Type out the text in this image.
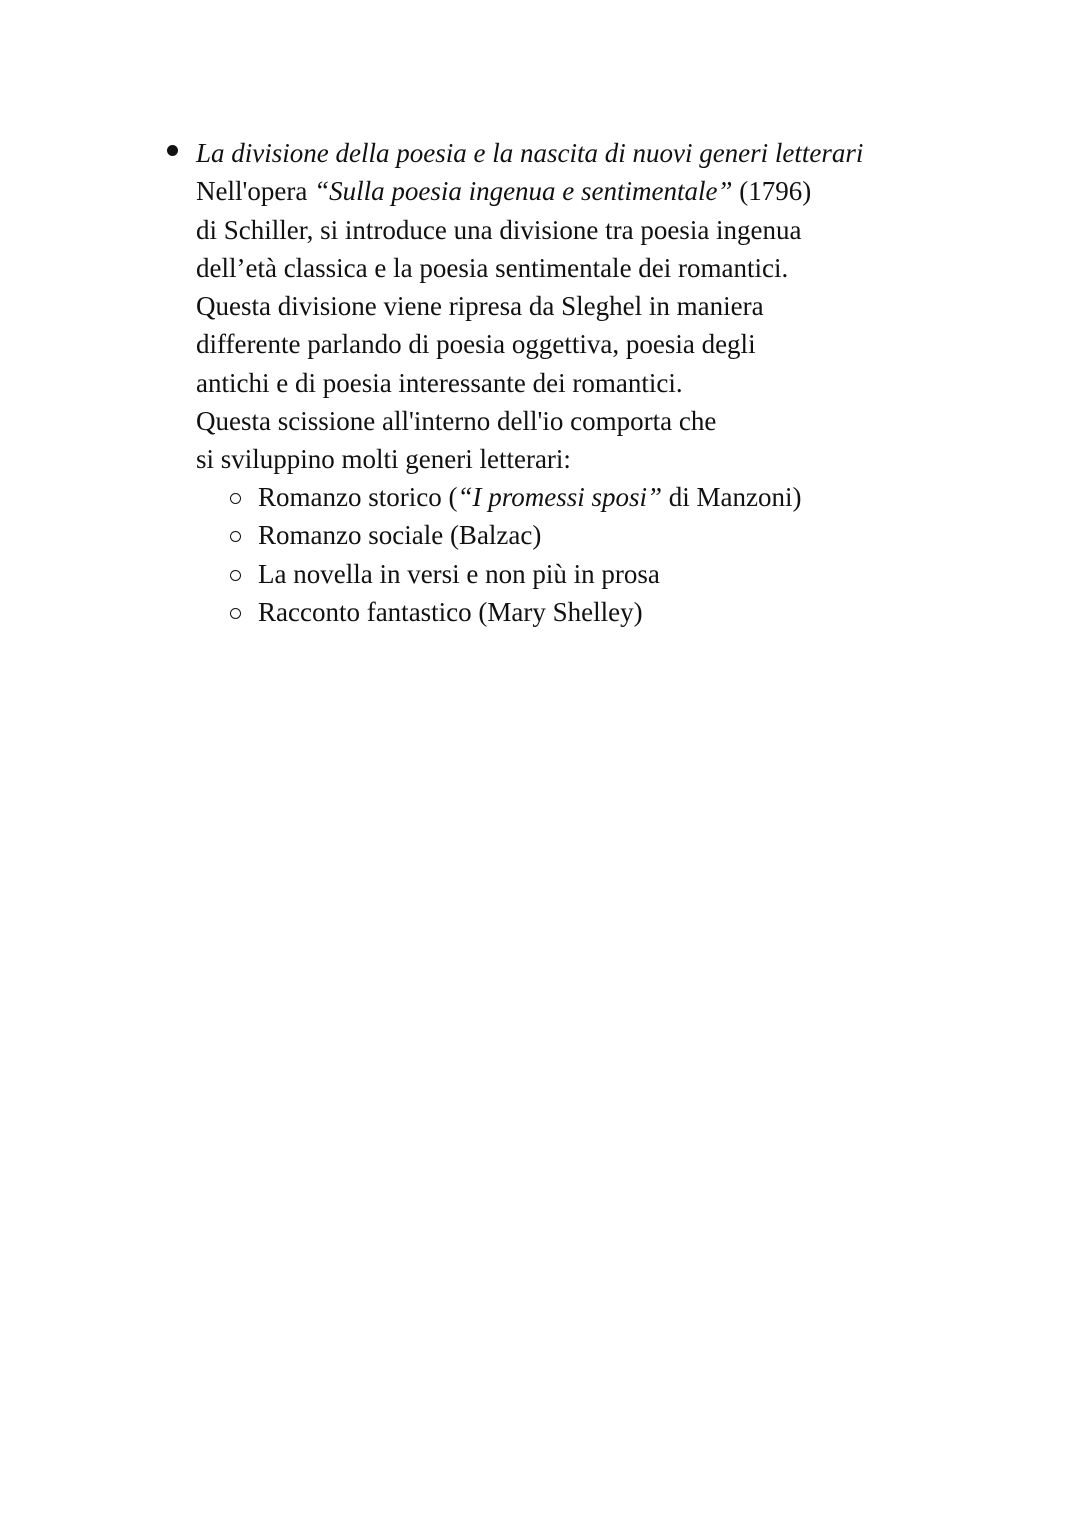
La divisione della poesia e la nascita di nuovi generi letterari
Nell'opera “Sulla poesia ingenua e sentimentale” (1796)
di Schiller, si introduce una divisione tra poesia ingenua
dell’età classica e la poesia sentimentale dei romantici.
Questa divisione viene ripresa da Sleghel in maniera
differente parlando di poesia oggettiva, poesia degli
antichi e di poesia interessante dei romantici.
Questa scissione all'interno dell'io comporta che
si sviluppino molti generi letterari:
Romanzo storico (“I promessi sposi” di Manzoni)
Romanzo sociale (Balzac)
La novella in versi e non più in prosa
Racconto fantastico (Mary Shelley)
